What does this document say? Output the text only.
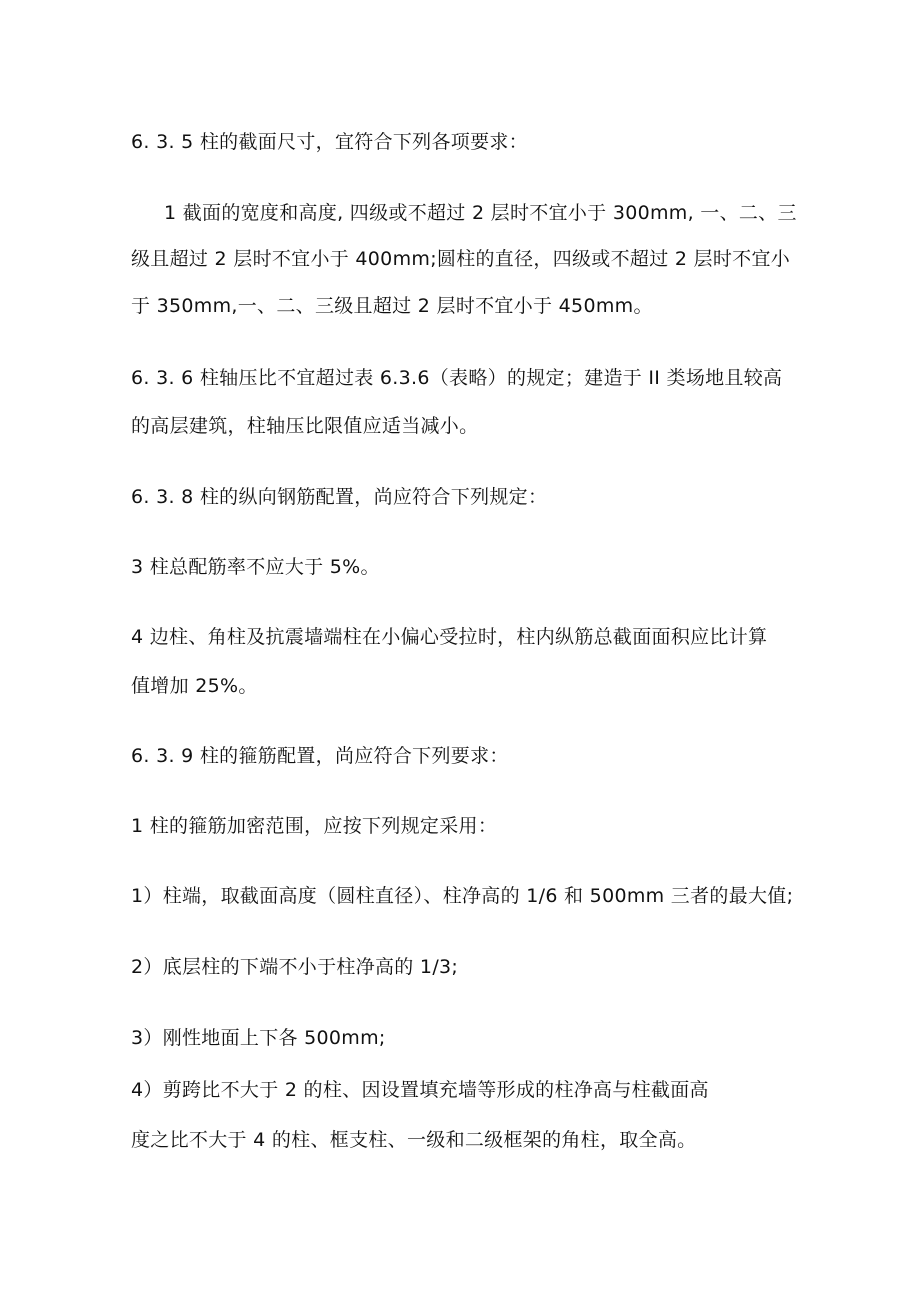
6. 3. 5 柱的截面尺寸，宜符合下列各项要求：
1 截面的宽度和高度, 四级或不超过 2 层时不宜小于 300mm, 一、二、三
级且超过 2 层时不宜小于 400mm;圆柱的直径，四级或不超过 2 层时不宜小
于 350mm,一、二、三级且超过 2 层时不宜小于 450mm。
6. 3. 6 柱轴压比不宜超过表 6.3.6（表略）的规定；建造于 II 类场地且较高
的高层建筑，柱轴压比限值应适当减小。
6. 3. 8 柱的纵向钢筋配置，尚应符合下列规定：
3 柱总配筋率不应大于 5%。
4 边柱、角柱及抗震墙端柱在小偏心受拉时，柱内纵筋总截面面积应比计算
值增加 25%。
6. 3. 9 柱的箍筋配置，尚应符合下列要求：
1 柱的箍筋加密范围，应按下列规定采用：
1）柱端，取截面高度（圆柱直径）、柱净高的 1/6 和 500mm 三者的最大值;
2）底层柱的下端不小于柱净高的 1/3;
3）刚性地面上下各 500mm;
4）剪跨比不大于 2 的柱、因设置填充墙等形成的柱净高与柱截面高
度之比不大于 4 的柱、框支柱、一级和二级框架的角柱，取全高。
